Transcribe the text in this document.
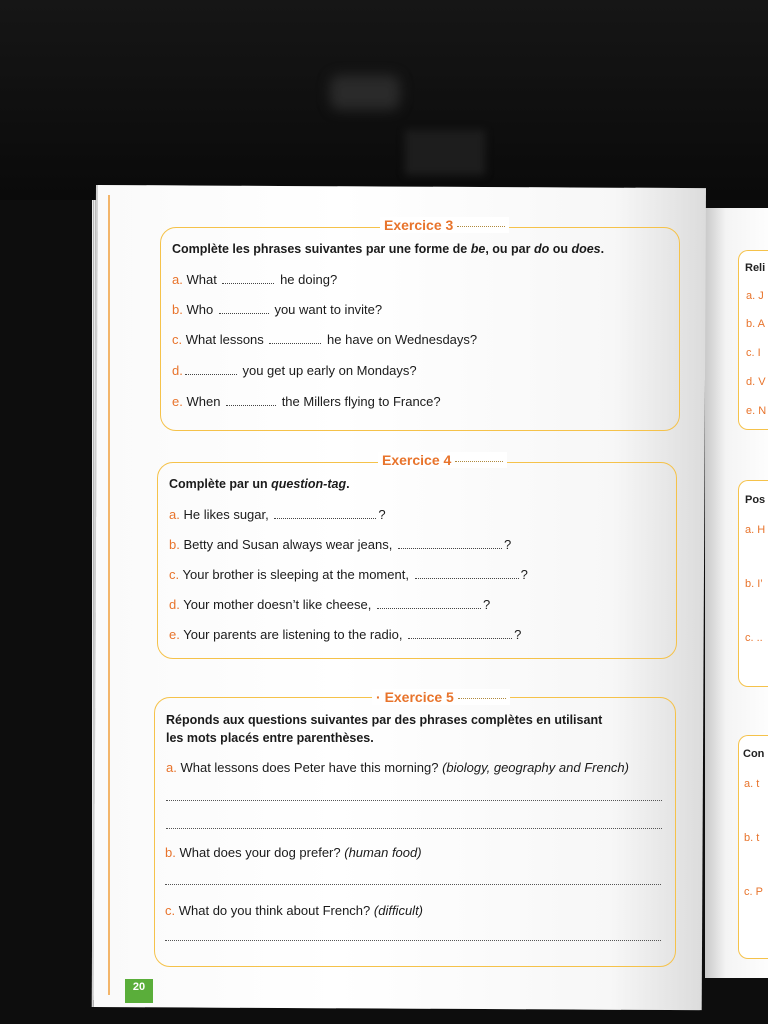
Reli
Pos
Con
a. J
b. A
c. I
d. V
e. N
a. H
b. I’
c. ..
a. t
b. t
c. P
Exercice 3
Complète les phrases suivantes par une forme de be, ou par do ou does.
a. What	he doing?
b. Who	you want to invite?
c. What lessons	he have on Wednesdays?
d.	you get up early on Mondays?
e. When	the Millers flying to France?
Exercice 4
Complète par un question-tag.
a. He likes sugar,	?
b. Betty and Susan always wear jeans,	?
c. Your brother is sleeping at the moment,	?
d. Your mother doesn’t like cheese,	?
e. Your parents are listening to the radio,	?
· Exercice 5
Réponds aux questions suivantes par des phrases complètes en utilisant
les mots placés entre parenthèses.
a. What lessons does Peter have this morning? (biology, geography and French)
b. What does your dog prefer? (human food)
c. What do you think about French? (difficult)
20
